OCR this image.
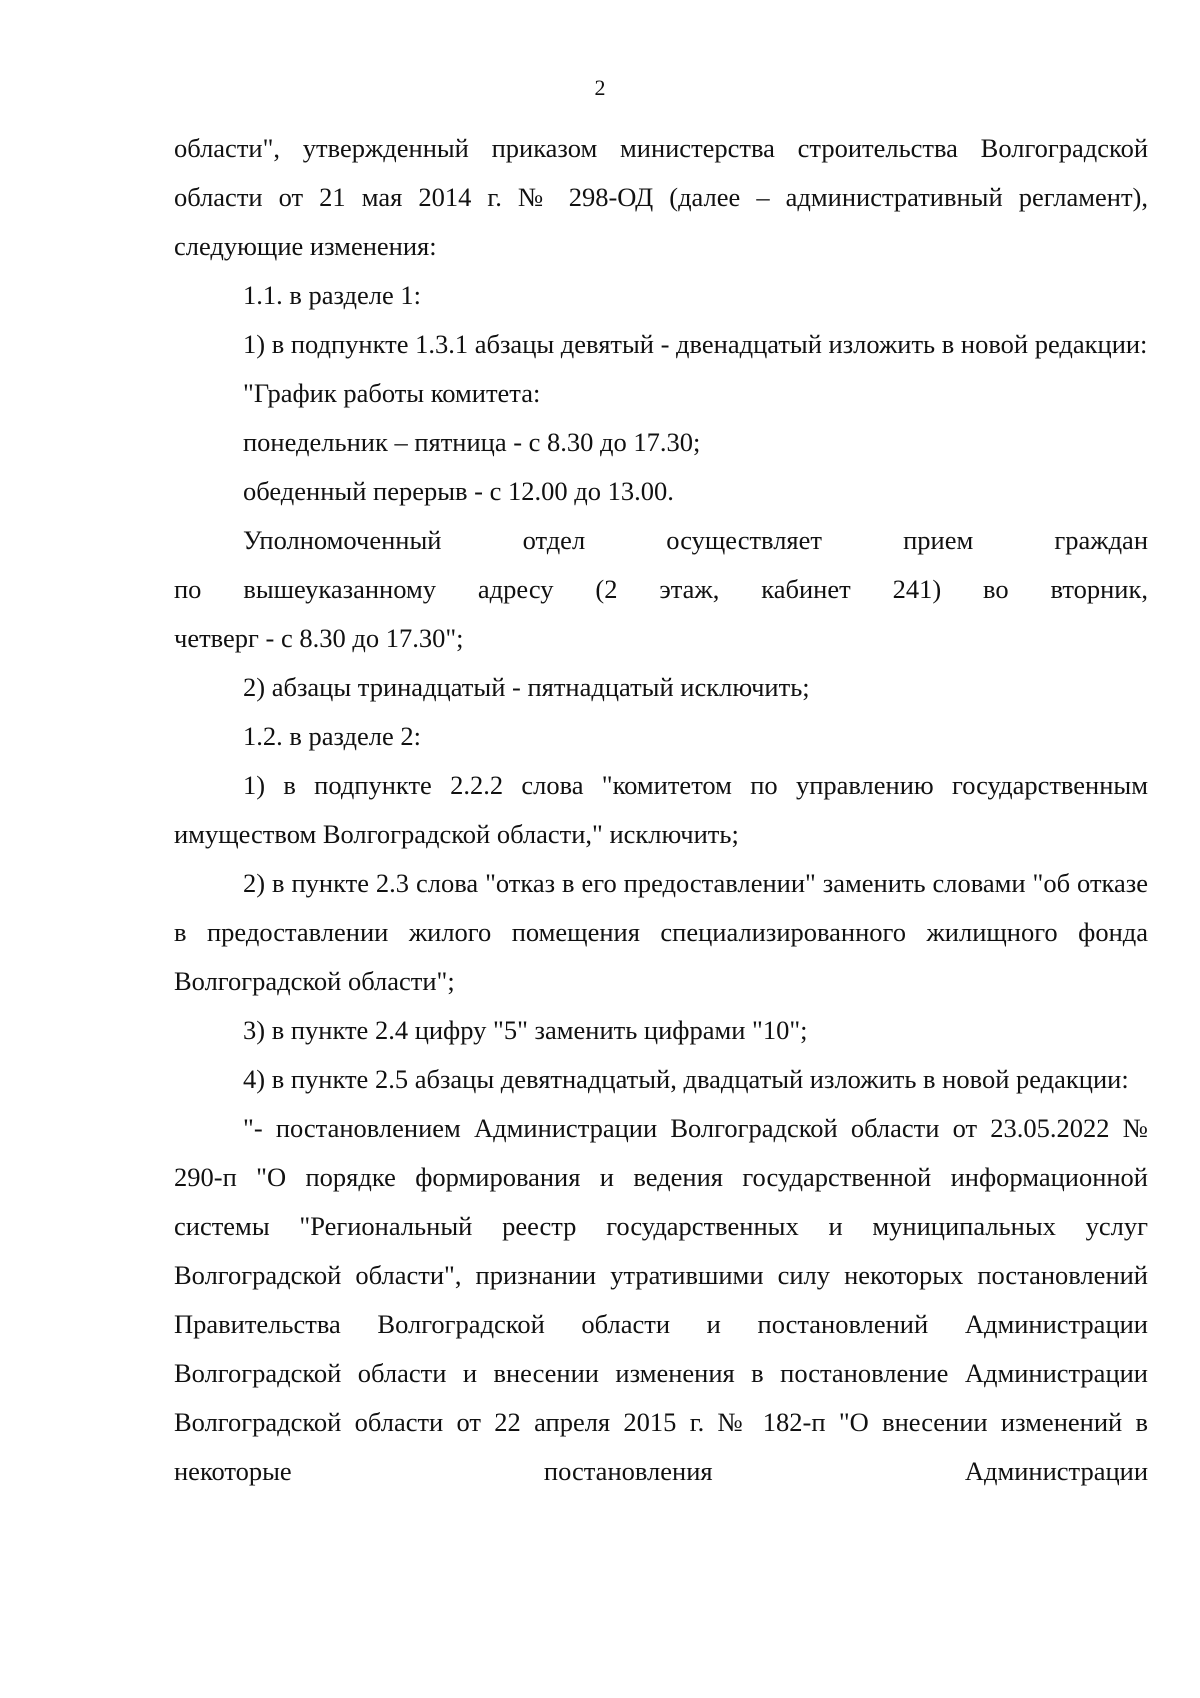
2

области", утвержденный приказом министерства строительства Волгоградской области от 21 мая 2014 г. № 298-ОД (далее – административный регламент), следующие изменения:

1.1. в разделе 1:

1) в подпункте 1.3.1 абзацы девятый - двенадцатый изложить в новой редакции:

"График работы комитета:

понедельник – пятница - с 8.30 до 17.30;

обеденный перерыв - с 12.00 до 13.00.

Уполномоченный отдел осуществляет прием граждан

по вышеуказанному адресу (2 этаж, кабинет 241) во вторник,

четверг - с 8.30 до 17.30";

2) абзацы тринадцатый - пятнадцатый исключить;

1.2. в разделе 2:

1) в подпункте 2.2.2 слова "комитетом по управлению государственным имуществом Волгоградской области," исключить;

2) в пункте 2.3 слова "отказ в его предоставлении" заменить словами "об отказе в предоставлении жилого помещения специализированного жилищного фонда Волгоградской области";

3) в пункте 2.4 цифру "5" заменить цифрами "10";

4) в пункте 2.5 абзацы девятнадцатый, двадцатый изложить в новой редакции:

"- постановлением Администрации Волгоградской области от 23.05.2022 № 290-п "О порядке формирования и ведения государственной информационной системы "Региональный реестр государственных и муниципальных услуг Волгоградской области", признании утратившими силу некоторых постановлений Правительства Волгоградской области и постановлений Администрации Волгоградской области и внесении изменения в постановление Администрации Волгоградской области от 22 апреля 2015 г. № 182-п "О внесении изменений в некоторые постановления Администрации
